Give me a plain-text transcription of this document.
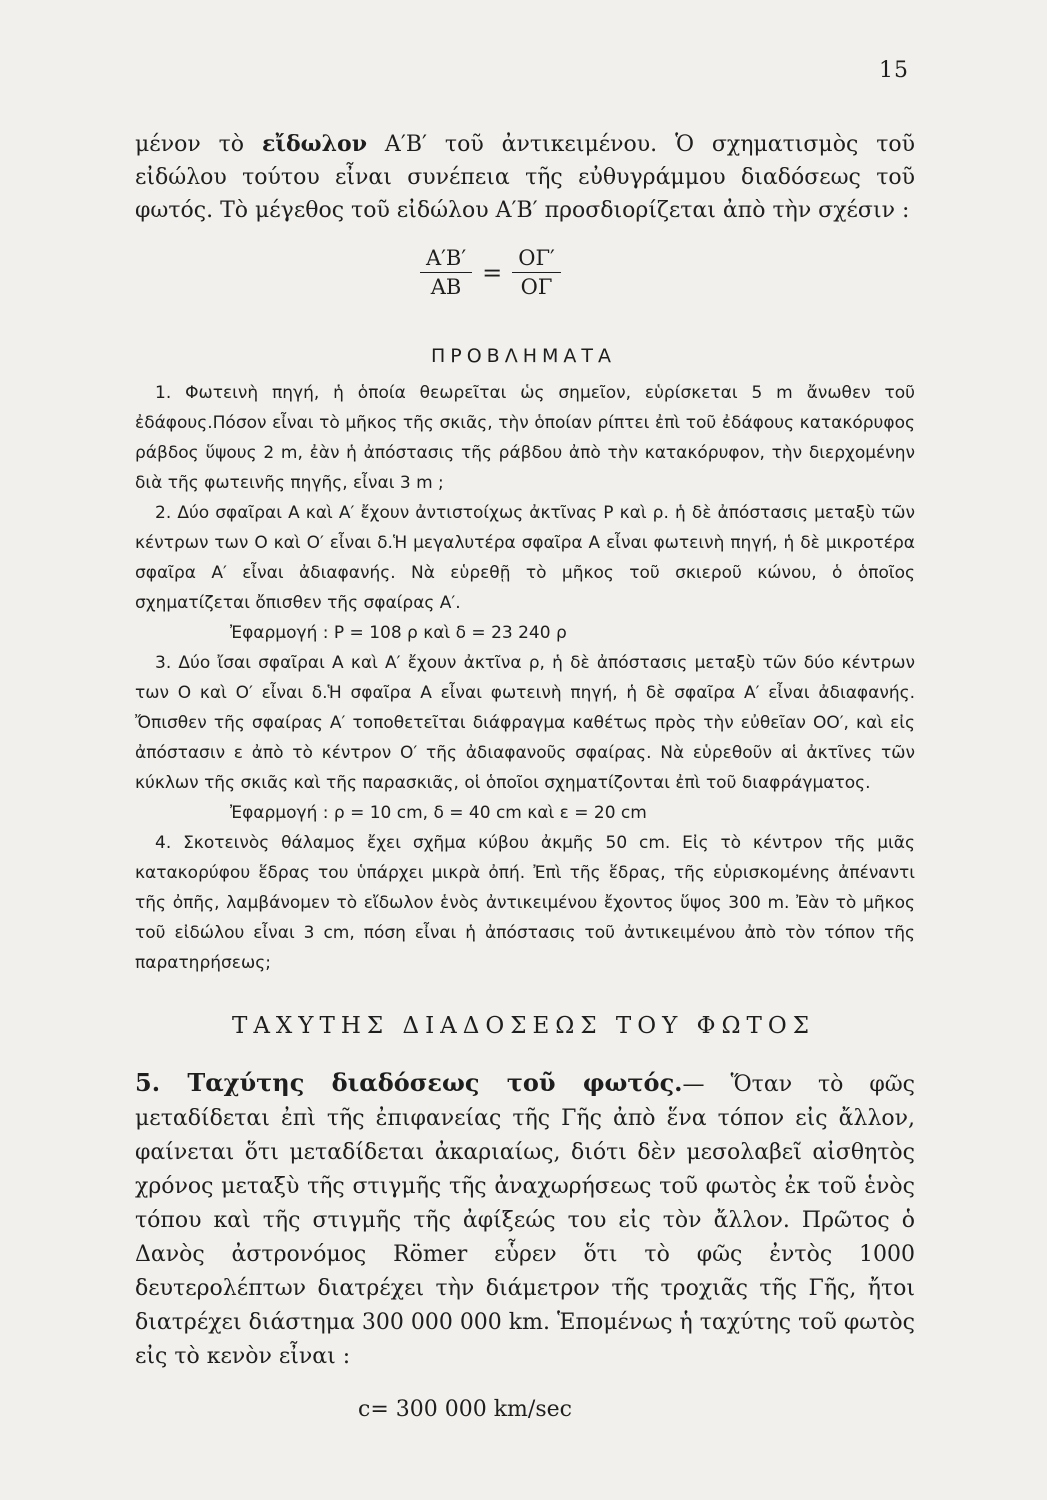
15
μένον τὸ εἴδωλον A′B′ τοῦ ἀντικειμένου. Ὁ σχηματισμὸς τοῦ εἰδώλου τούτου εἶναι συνέπεια τῆς εὐθυγράμμου διαδόσεως τοῦ φωτός. Τὸ μέγεθος τοῦ εἰδώλου A′B′ προσδιορίζεται ἀπὸ τὴν σχέσιν :
$\frac{A'B'}{AB} = \frac{O\Gamma'}{O\Gamma}$
ΠΡΟΒΛΗΜΑΤΑ

1. Φωτεινὴ πηγή, ἡ ὁποία θεωρεῖται ὡς σημεῖον, εὑρίσκεται 5 m ἄνωθεν τοῦ ἐδάφους.Πόσον εἶναι τὸ μῆκος τῆς σκιᾶς, τὴν ὁποίαν ρίπτει ἐπὶ τοῦ ἐδάφους κατακόρυφος ράβδος ὕψους 2 m, ἐὰν ἡ ἀπόστασις τῆς ράβδου ἀπὸ τὴν κατακόρυφον, τὴν διερχομένην διὰ τῆς φωτεινῆς πηγῆς, εἶναι 3 m ;

2. Δύο σφαῖραι Α καὶ Α′ ἔχουν ἀντιστοίχως ἀκτῖνας Ρ καὶ ρ. ἡ δὲ ἀπόστασις μεταξὺ τῶν κέντρων των Ο καὶ Ο′ εἶναι δ.Ἡ μεγαλυτέρα σφαῖρα Α εἶναι φωτεινὴ πηγή, ἡ δὲ μικροτέρα σφαῖρα Α′ εἶναι ἀδιαφανής. Νὰ εὑρεθῇ τὸ μῆκος τοῦ σκιεροῦ κώνου, ὁ ὁποῖος σχηματίζεται ὄπισθεν τῆς σφαίρας Α′.

Ἐφαρμογή : Ρ = 108 ρ καὶ δ = 23 240 ρ

3. Δύο ἴσαι σφαῖραι Α καὶ Α′ ἔχουν ἀκτῖνα ρ, ἡ δὲ ἀπόστασις μεταξὺ τῶν δύο κέντρων των Ο καὶ Ο′ εἶναι δ.Ἡ σφαῖρα Α εἶναι φωτεινὴ πηγή, ἡ δὲ σφαῖρα Α′ εἶναι ἀδιαφανής. Ὄπισθεν τῆς σφαίρας Α′ τοποθετεῖται διάφραγμα καθέτως πρὸς τὴν εὐθεῖαν ΟΟ′, καὶ εἰς ἀπόστασιν ε ἀπὸ τὸ κέντρον Ο′ τῆς ἀδιαφανοῦς σφαίρας. Νὰ εὑρεθοῦν αἱ ἀκτῖνες τῶν κύκλων τῆς σκιᾶς καὶ τῆς παρασκιᾶς, οἱ ὁποῖοι σχηματίζονται ἐπὶ τοῦ διαφράγματος.

Ἐφαρμογή : ρ = 10 cm, δ = 40 cm καὶ ε = 20 cm

4. Σκοτεινὸς θάλαμος ἔχει σχῆμα κύβου ἀκμῆς 50 cm. Εἰς τὸ κέντρον τῆς μιᾶς κατακορύφου ἕδρας του ὑπάρχει μικρὰ ὀπή. Ἐπὶ τῆς ἕδρας, τῆς εὑρισκομένης ἀπέναντι τῆς ὀπῆς, λαμβάνομεν τὸ εἴδωλον ἑνὸς ἀντικειμένου ἔχοντος ὕψος 300 m. Ἐὰν τὸ μῆκος τοῦ εἰδώλου εἶναι 3 cm, πόση εἶναι ἡ ἀπόστασις τοῦ ἀντικειμένου ἀπὸ τὸν τόπον τῆς παρατηρήσεως;

ΤΑΧΥΤΗΣ ΔΙΑΔΟΣΕΩΣ ΤΟΥ ΦΩΤΟΣ

5. Ταχύτης διαδόσεως τοῦ φωτός.— Ὅταν τὸ φῶς μεταδίδεται ἐπὶ τῆς ἐπιφανείας τῆς Γῆς ἀπὸ ἕνα τόπον εἰς ἄλλον, φαίνεται ὅτι μεταδίδεται ἀκαριαίως, διότι δὲν μεσολαβεῖ αἰσθητὸς χρόνος μεταξὺ τῆς στιγμῆς τῆς ἀναχωρήσεως τοῦ φωτὸς ἐκ τοῦ ἑνὸς τόπου καὶ τῆς στιγμῆς τῆς ἀφίξεώς του εἰς τὸν ἄλλον. Πρῶτος ὁ Δανὸς ἀστρονόμος Römer εὗρεν ὅτι τὸ φῶς ἐντὸς 1000 δευτερολέπτων διατρέχει τὴν διάμετρον τῆς τροχιᾶς τῆς Γῆς, ἤτοι διατρέχει διάστημα 300 000 000 km. Ἑπομένως ἡ ταχύτης τοῦ φωτὸς εἰς τὸ κενὸν εἶναι :

c= 300 000 km/sec
